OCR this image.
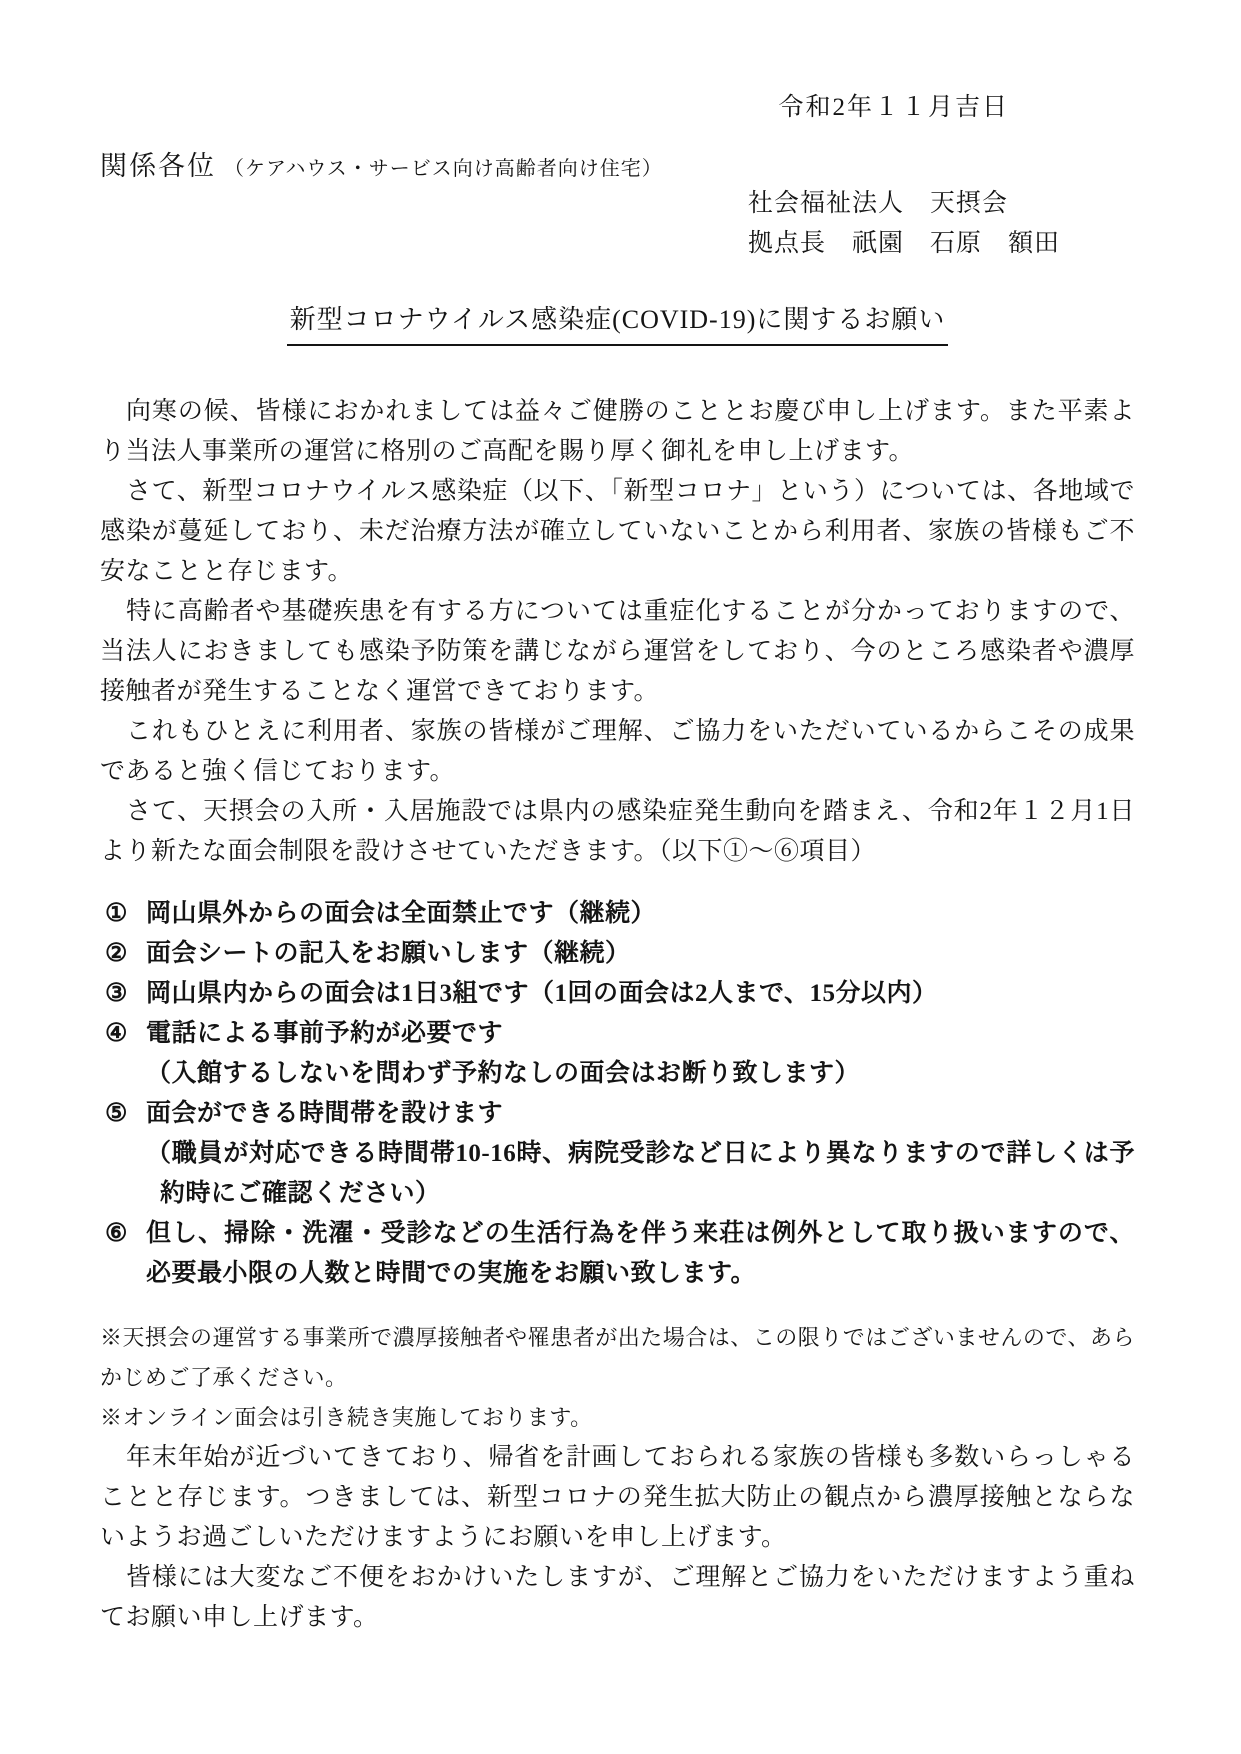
令和2年１１月吉日
関係各位 （ケアハウス・サービス向け高齢者向け住宅）
社会福祉法人　天摂会
拠点長　祇園　石原　額田
新型コロナウイルス感染症(COVID-19)に関するお願い

向寒の候、皆様におかれましては益々ご健勝のこととお慶び申し上げます。また平素より当法人事業所の運営に格別のご高配を賜り厚く御礼を申し上げます。

さて、新型コロナウイルス感染症（以下、「新型コロナ」という）については、各地域で感染が蔓延しており、未だ治療方法が確立していないことから利用者、家族の皆様もご不安なことと存じます。

特に高齢者や基礎疾患を有する方については重症化することが分かっておりますので、当法人におきましても感染予防策を講じながら運営をしており、今のところ感染者や濃厚接触者が発生することなく運営できております。

これもひとえに利用者、家族の皆様がご理解、ご協力をいただいているからこその成果であると強く信じております。

さて、天摂会の入所・入居施設では県内の感染症発生動向を踏まえ、令和2年１２月1日より新たな面会制限を設けさせていただきます。（以下①～⑥項目）

① 岡山県外からの面会は全面禁止です（継続）
② 面会シートの記入をお願いします（継続）
③ 岡山県内からの面会は1日3組です（1回の面会は2人まで、15分以内）
④ 電話による事前予約が必要です
（入館するしないを問わず予約なしの面会はお断り致します）
⑤ 面会ができる時間帯を設けます
（職員が対応できる時間帯10-16時、病院受診など日により異なりますので詳しくは予約時にご確認ください）
⑥ 但し、掃除・洗濯・受診などの生活行為を伴う来荘は例外として取り扱いますので、必要最小限の人数と時間での実施をお願い致します。

※天摂会の運営する事業所で濃厚接触者や罹患者が出た場合は、この限りではございませんので、あらかじめご了承ください。

※オンライン面会は引き続き実施しております。

年末年始が近づいてきており、帰省を計画しておられる家族の皆様も多数いらっしゃることと存じます。つきましては、新型コロナの発生拡大防止の観点から濃厚接触とならないようお過ごしいただけますようにお願いを申し上げます。

皆様には大変なご不便をおかけいたしますが、ご理解とご協力をいただけますよう重ねてお願い申し上げます。
